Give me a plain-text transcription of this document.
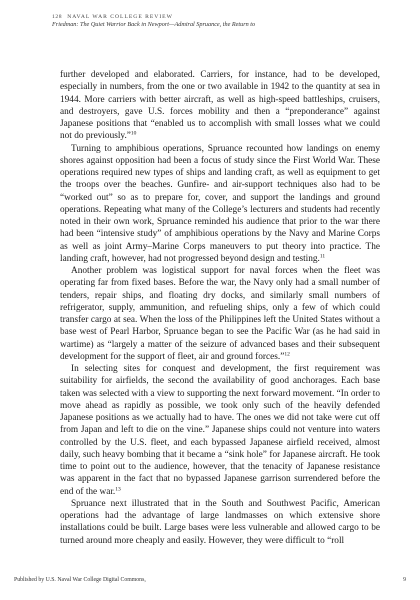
128 NAVAL WAR COLLEGE REVIEW
Friedman: The Quiet Warrior Back in Newport—Admiral Spruance, the Return to

further developed and elaborated. Carriers, for instance, had to be developed, especially in numbers, from the one or two available in 1942 to the quantity at sea in 1944. More carriers with better aircraft, as well as high-speed battleships, cruisers, and destroyers, gave U.S. forces mobility and then a “preponderance” against Japanese positions that “enabled us to accomplish with small losses what we could not do previously.”$^{10}$

Turning to amphibious operations, Spruance recounted how landings on enemy shores against opposition had been a focus of study since the First World War. These operations required new types of ships and landing craft, as well as equipment to get the troops over the beaches. Gunfire- and air-support techniques also had to be “worked out” so as to prepare for, cover, and support the landings and ground operations. Repeating what many of the College’s lecturers and students had recently noted in their own work, Spruance reminded his audience that prior to the war there had been “intensive study” of amphibious operations by the Navy and Marine Corps as well as joint Army–Marine Corps maneuvers to put theory into practice. The landing craft, however, had not progressed beyond design and testing.$^{11}$

Another problem was logistical support for naval forces when the fleet was operating far from fixed bases. Before the war, the Navy only had a small number of tenders, repair ships, and floating dry docks, and similarly small numbers of refrigerator, supply, ammunition, and refueling ships, only a few of which could transfer cargo at sea. When the loss of the Philippines left the United States without a base west of Pearl Harbor, Spruance began to see the Pacific War (as he had said in wartime) as “largely a matter of the seizure of advanced bases and their subsequent development for the support of fleet, air and ground forces.”$^{12}$

In selecting sites for conquest and development, the first requirement was suitability for airfields, the second the availability of good anchorages. Each base taken was selected with a view to supporting the next forward movement. “In order to move ahead as rapidly as possible, we took only such of the heavily defended Japanese positions as we actually had to have. The ones we did not take were cut off from Japan and left to die on the vine.” Japanese ships could not venture into waters controlled by the U.S. fleet, and each bypassed Japanese airfield received, almost daily, such heavy bombing that it became a “sink hole” for Japanese aircraft. He took time to point out to the audience, however, that the tenacity of Japanese resistance was apparent in the fact that no bypassed Japanese garrison surrendered before the end of the war.$^{13}$

Spruance next illustrated that in the South and Southwest Pacific, American operations had the advantage of large landmasses on which extensive shore installations could be built. Large bases were less vulnerable and allowed cargo to be turned around more cheaply and easily. However, they were difficult to “roll

Published by U.S. Naval War College Digital Commons,	9
